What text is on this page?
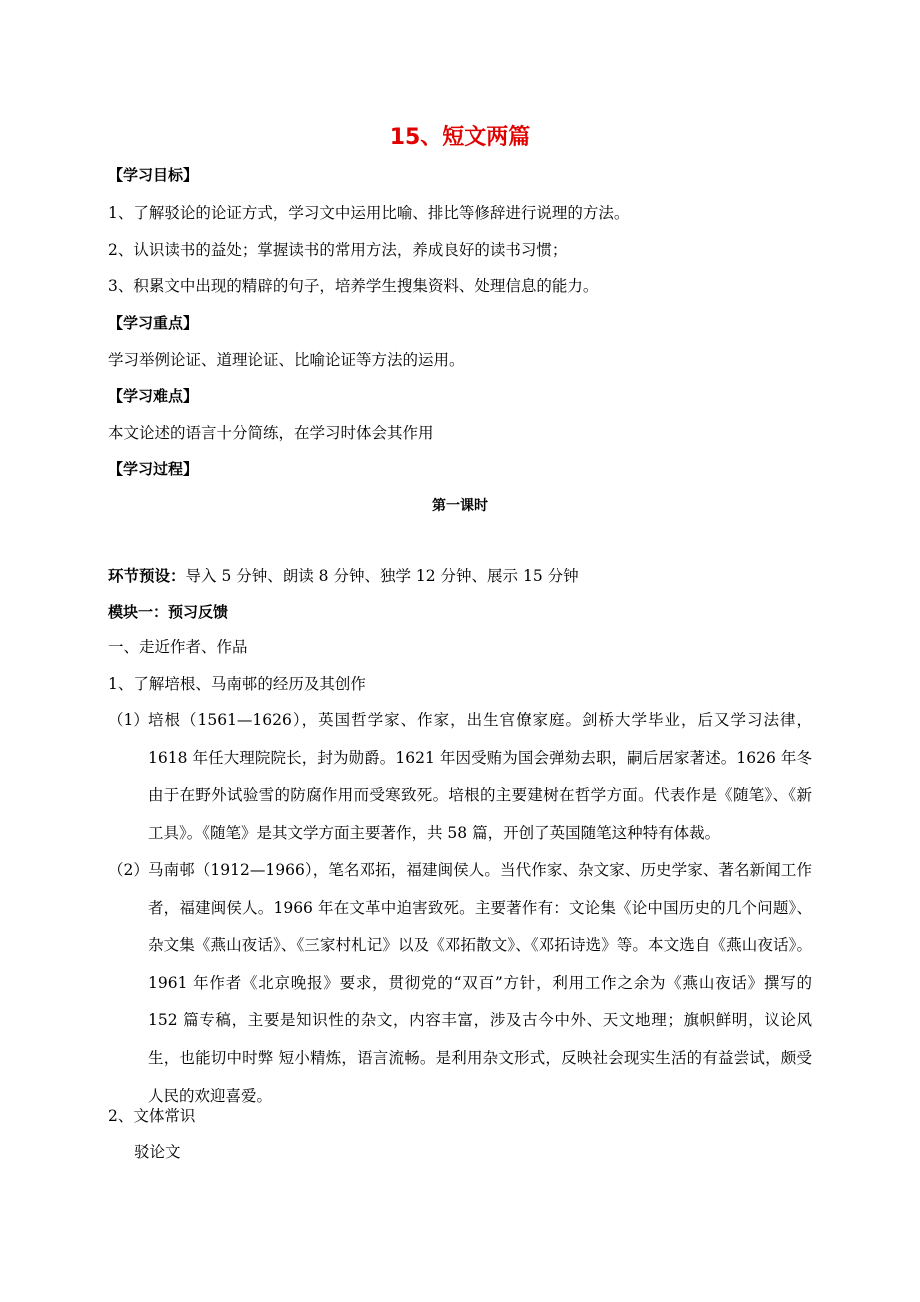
15、短文两篇
【学习目标】
1、了解驳论的论证方式，学习文中运用比喻、排比等修辞进行说理的方法。
2、认识读书的益处；掌握读书的常用方法，养成良好的读书习惯；
3、积累文中出现的精辟的句子，培养学生搜集资料、处理信息的能力。
【学习重点】
学习举例论证、道理论证、比喻论证等方法的运用。
【学习难点】
本文论述的语言十分简练，在学习时体会其作用
【学习过程】
第一课时
环节预设：导入 5 分钟、朗读 8 分钟、独学 12 分钟、展示 15 分钟
模块一：预习反馈
一、走近作者、作品
1、了解培根、马南邨的经历及其创作
（1） 培根（1561—1626），英国哲学家、作家，出生官僚家庭。剑桥大学毕业，后又学习法律，1618 年任大理院院长，封为勋爵。1621 年因受贿为国会弹劾去职，嗣后居家著述。1626 年冬由于在野外试验雪的防腐作用而受寒致死。培根的主要建树在哲学方面。代表作是《随笔》、《新工具》。《随笔》是其文学方面主要著作，共 58 篇，开创了英国随笔这种特有体裁。
（2） 马南邨（1912—1966），笔名邓拓，福建闽侯人。当代作家、杂文家、历史学家、著名新闻工作者，福建闽侯人。1966 年在文革中迫害致死。主要著作有：文论集《论中国历史的几个问题》、杂文集《燕山夜话》、《三家村札记》以及《邓拓散文》、《邓拓诗选》等。本文选自《燕山夜话》。1961 年作者《北京晚报》要求，贯彻党的“双百”方针，利用工作之余为《燕山夜话》撰写的 152 篇专稿，主要是知识性的杂文，内容丰富，涉及古今中外、天文地理；旗帜鲜明，议论风生，也能切中时弊 短小精炼，语言流畅。是利用杂文形式，反映社会现实生活的有益尝试，颇受人民的欢迎喜爱。
2、文体常识
驳论文
